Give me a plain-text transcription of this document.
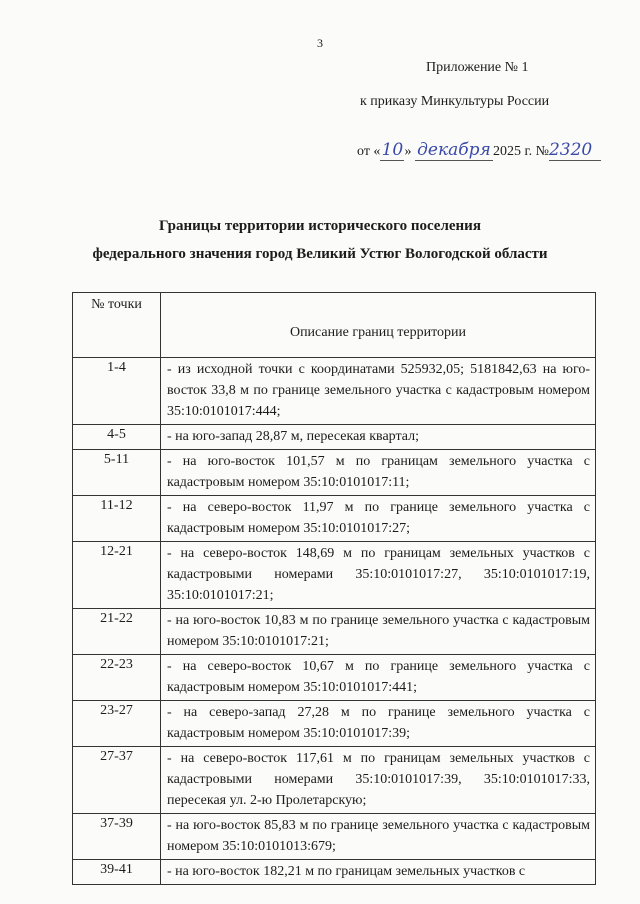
3
Приложение № 1
к приказу Минкультуры России
от «10» декабря 2025 г. №2320
Границы территории исторического поселения
федерального значения город Великий Устюг Вологодской области
№ точки	Описание границ территории
1-4	- из исходной точки с координатами 525932,05; 5181842,63 на юго-восток 33,8 м по границе земельного участка с кадастровым номером 35:10:0101017:444;
4-5	- на юго-запад 28,87 м, пересекая квартал;
5-11	- на юго-восток 101,57 м по границам земельного участка с кадастровым номером 35:10:0101017:11;
11-12	- на северо-восток 11,97 м по границе земельного участка с кадастровым номером 35:10:0101017:27;
12-21	- на северо-восток 148,69 м по границам земельных участков с кадастровыми номерами 35:10:0101017:27, 35:10:0101017:19, 35:10:0101017:21;
21-22	- на юго-восток 10,83 м по границе земельного участка с кадастровым номером 35:10:0101017:21;
22-23	- на северо-восток 10,67 м по границе земельного участка с кадастровым номером 35:10:0101017:441;
23-27	- на северо-запад 27,28 м по границе земельного участка с кадастровым номером 35:10:0101017:39;
27-37	- на северо-восток 117,61 м по границам земельных участков с кадастровыми номерами 35:10:0101017:39, 35:10:0101017:33, пересекая ул. 2-ю Пролетарскую;
37-39	- на юго-восток 85,83 м по границе земельного участка с кадастровым номером 35:10:0101013:679;
39-41	- на юго-восток 182,21 м по границам земельных участков с
